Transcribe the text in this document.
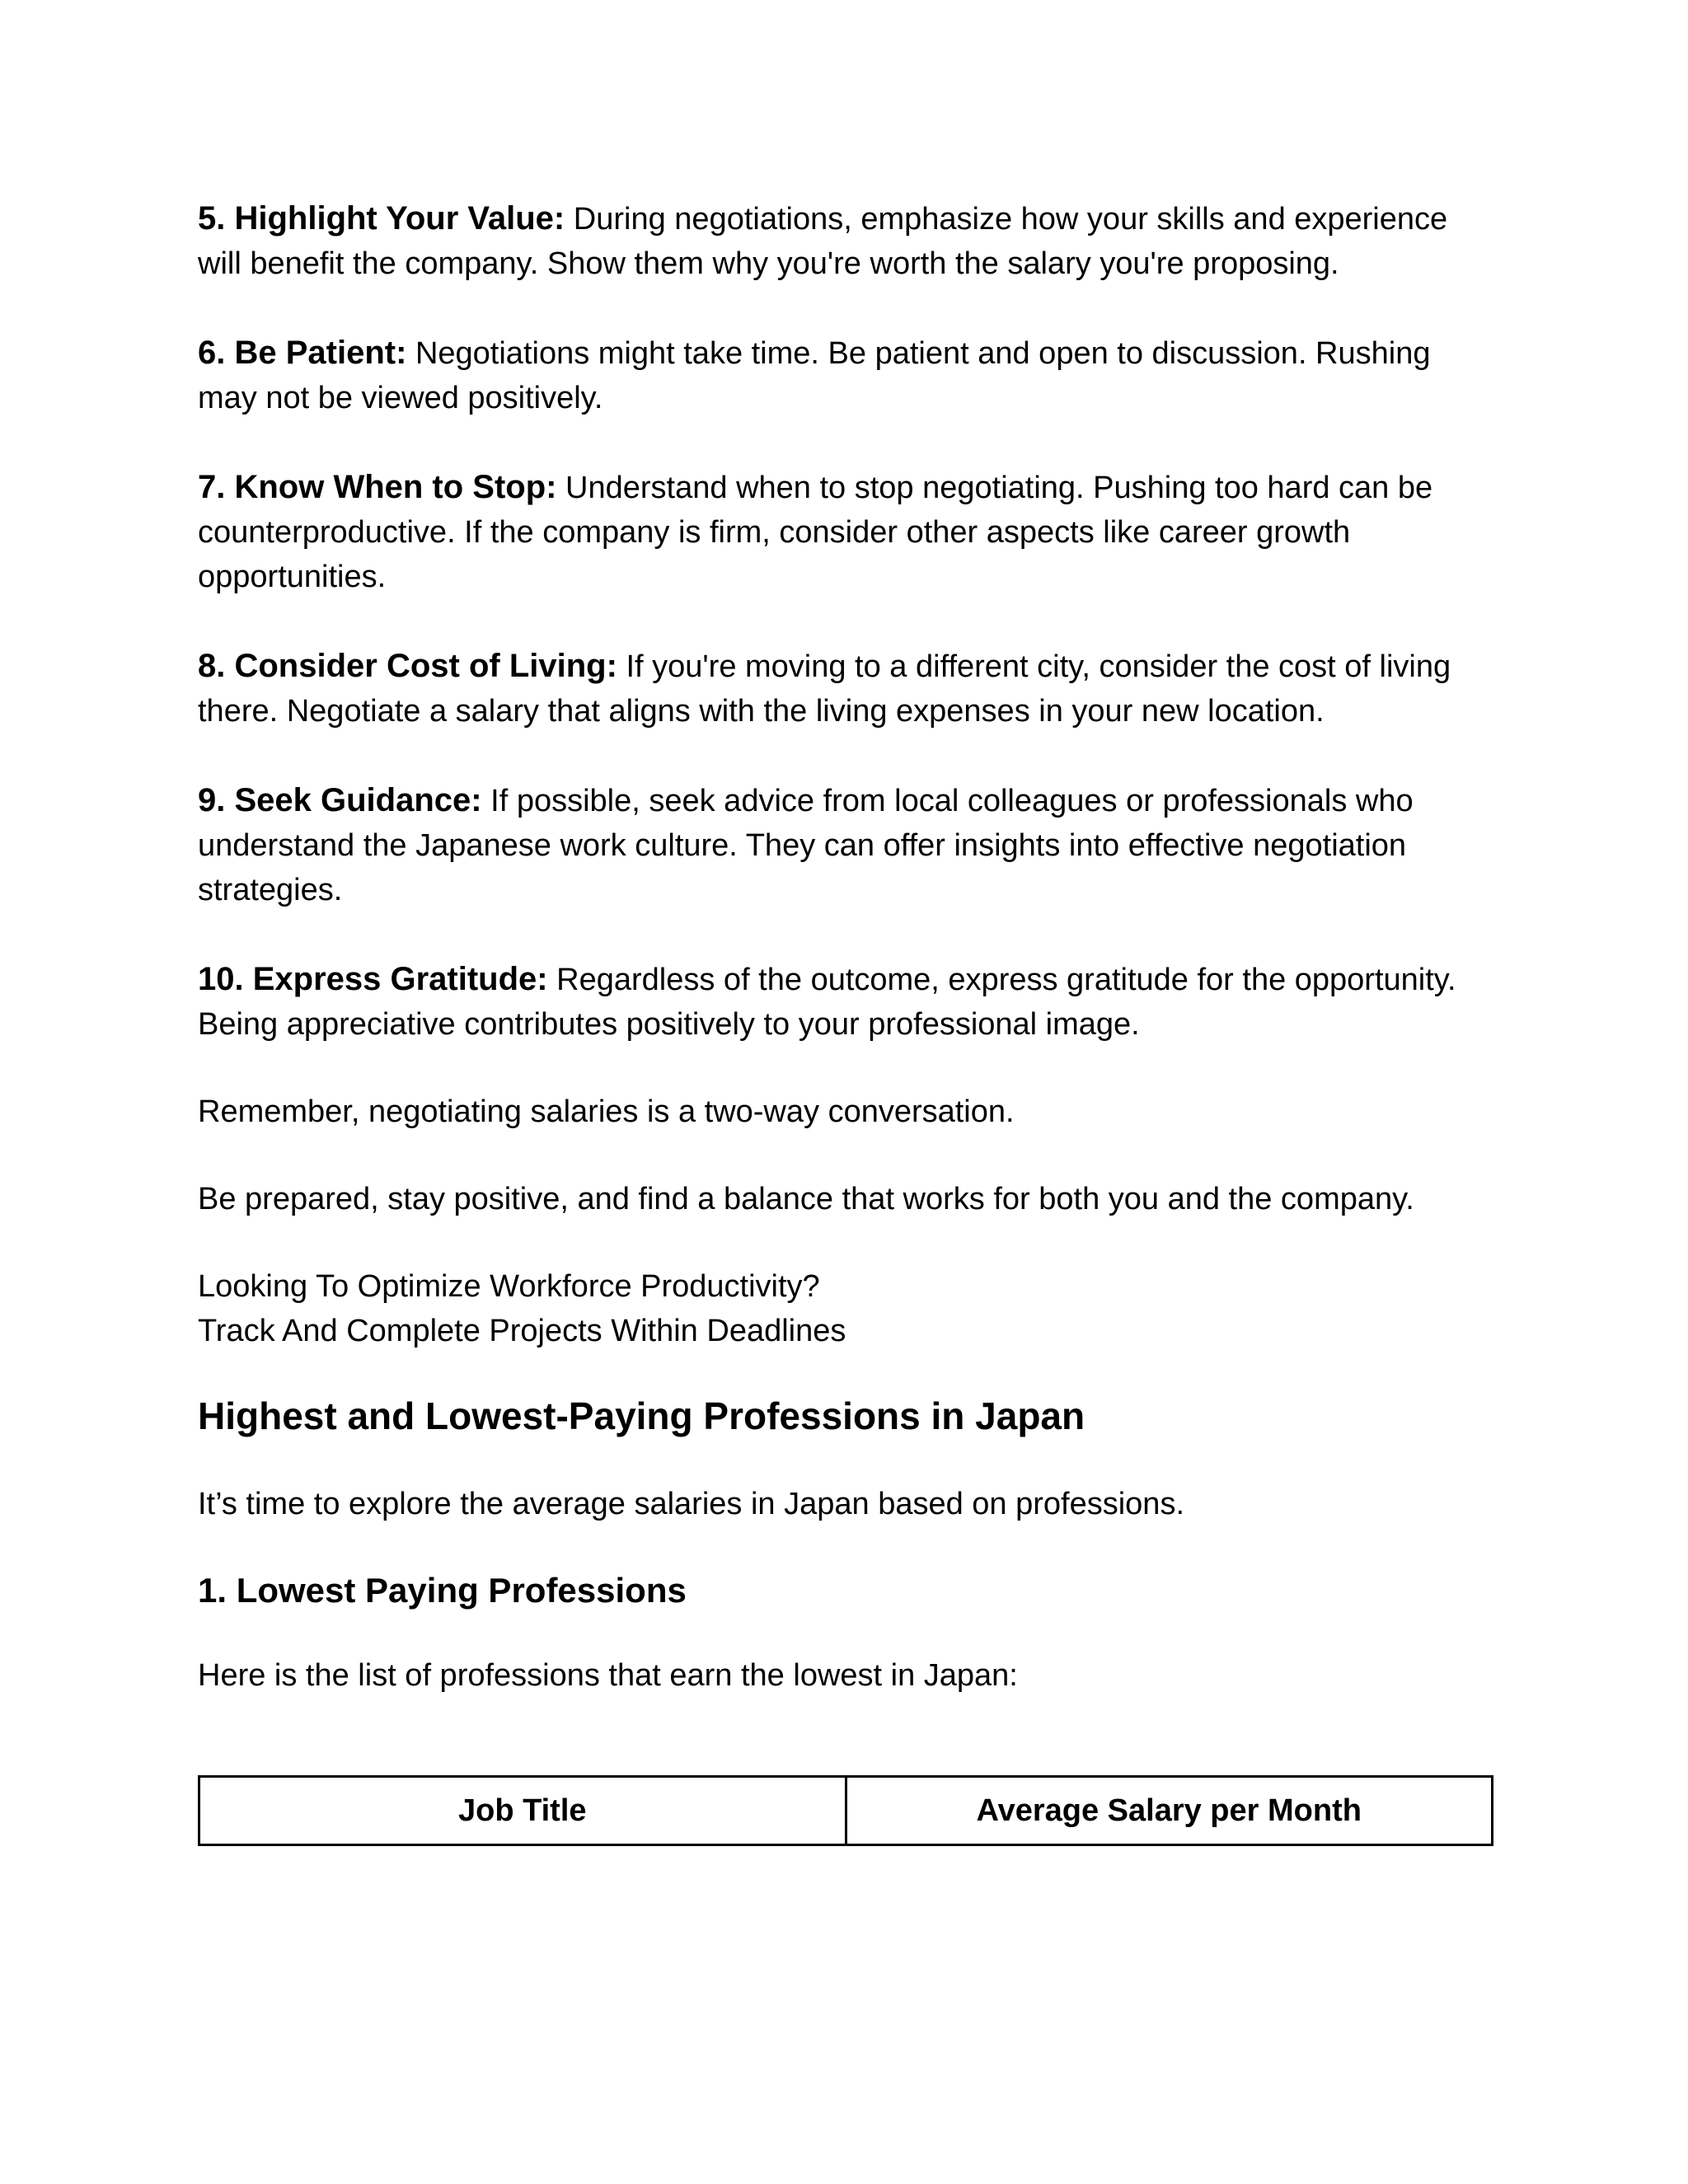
5. Highlight Your Value: During negotiations, emphasize how your skills and experience will benefit the company. Show them why you're worth the salary you're proposing.

6. Be Patient: Negotiations might take time. Be patient and open to discussion. Rushing may not be viewed positively.

7. Know When to Stop: Understand when to stop negotiating. Pushing too hard can be counterproductive. If the company is firm, consider other aspects like career growth opportunities.

8. Consider Cost of Living: If you're moving to a different city, consider the cost of living there. Negotiate a salary that aligns with the living expenses in your new location.

9. Seek Guidance: If possible, seek advice from local colleagues or professionals who understand the Japanese work culture. They can offer insights into effective negotiation strategies.

10. Express Gratitude: Regardless of the outcome, express gratitude for the opportunity. Being appreciative contributes positively to your professional image.

Remember, negotiating salaries is a two-way conversation.

Be prepared, stay positive, and find a balance that works for both you and the company.

Looking To Optimize Workforce Productivity?

Track And Complete Projects Within Deadlines

Highest and Lowest-Paying Professions in Japan

It’s time to explore the average salaries in Japan based on professions.

1. Lowest Paying Professions

Here is the list of professions that earn the lowest in Japan:

Job Title	Average Salary per Month
